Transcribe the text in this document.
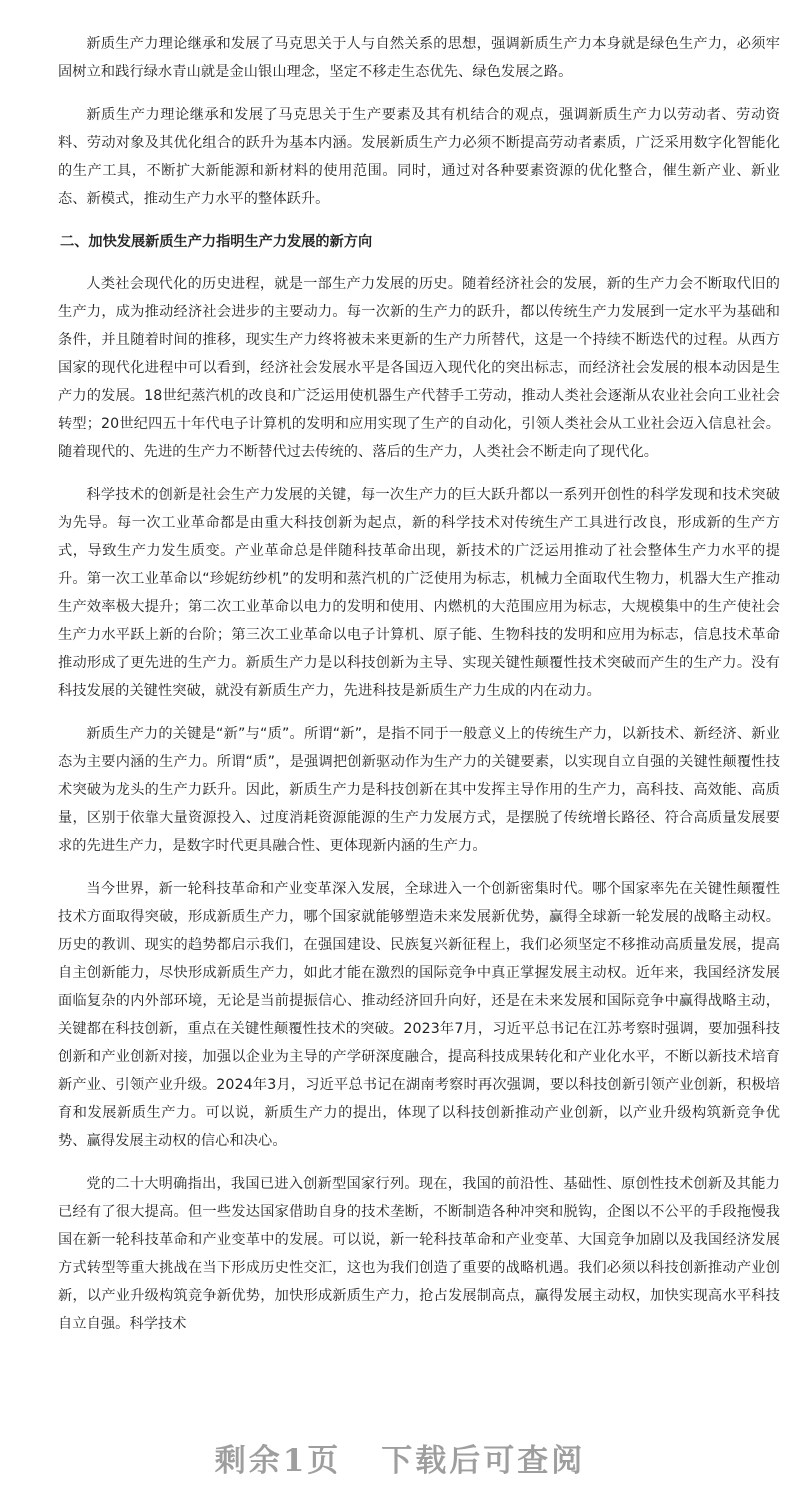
新质生产力理论继承和发展了马克思关于人与自然关系的思想，强调新质生产力本身就是绿色生产力，必须牢固树立和践行绿水青山就是金山银山理念，坚定不移走生态优先、绿色发展之路。

新质生产力理论继承和发展了马克思关于生产要素及其有机结合的观点，强调新质生产力以劳动者、劳动资料、劳动对象及其优化组合的跃升为基本内涵。发展新质生产力必须不断提高劳动者素质，广泛采用数字化智能化的生产工具，不断扩大新能源和新材料的使用范围。同时，通过对各种要素资源的优化整合，催生新产业、新业态、新模式，推动生产力水平的整体跃升。

二、加快发展新质生产力指明生产力发展的新方向

人类社会现代化的历史进程，就是一部生产力发展的历史。随着经济社会的发展，新的生产力会不断取代旧的生产力，成为推动经济社会进步的主要动力。每一次新的生产力的跃升，都以传统生产力发展到一定水平为基础和条件，并且随着时间的推移，现实生产力终将被未来更新的生产力所替代，这是一个持续不断迭代的过程。从西方国家的现代化进程中可以看到，经济社会发展水平是各国迈入现代化的突出标志，而经济社会发展的根本动因是生产力的发展。18世纪蒸汽机的改良和广泛运用使机器生产代替手工劳动，推动人类社会逐渐从农业社会向工业社会转型；20世纪四五十年代电子计算机的发明和应用实现了生产的自动化，引领人类社会从工业社会迈入信息社会。随着现代的、先进的生产力不断替代过去传统的、落后的生产力，人类社会不断走向了现代化。

科学技术的创新是社会生产力发展的关键，每一次生产力的巨大跃升都以一系列开创性的科学发现和技术突破为先导。每一次工业革命都是由重大科技创新为起点，新的科学技术对传统生产工具进行改良，形成新的生产方式，导致生产力发生质变。产业革命总是伴随科技革命出现，新技术的广泛运用推动了社会整体生产力水平的提升。第一次工业革命以“珍妮纺纱机”的发明和蒸汽机的广泛使用为标志，机械力全面取代生物力，机器大生产推动生产效率极大提升；第二次工业革命以电力的发明和使用、内燃机的大范围应用为标志，大规模集中的生产使社会生产力水平跃上新的台阶；第三次工业革命以电子计算机、原子能、生物科技的发明和应用为标志，信息技术革命推动形成了更先进的生产力。新质生产力是以科技创新为主导、实现关键性颠覆性技术突破而产生的生产力。没有科技发展的关键性突破，就没有新质生产力，先进科技是新质生产力生成的内在动力。

新质生产力的关键是“新”与“质”。所谓“新”，是指不同于一般意义上的传统生产力，以新技术、新经济、新业态为主要内涵的生产力。所谓“质”，是强调把创新驱动作为生产力的关键要素，以实现自立自强的关键性颠覆性技术突破为龙头的生产力跃升。因此，新质生产力是科技创新在其中发挥主导作用的生产力，高科技、高效能、高质量，区别于依靠大量资源投入、过度消耗资源能源的生产力发展方式，是摆脱了传统增长路径、符合高质量发展要求的先进生产力，是数字时代更具融合性、更体现新内涵的生产力。

当今世界，新一轮科技革命和产业变革深入发展，全球进入一个创新密集时代。哪个国家率先在关键性颠覆性技术方面取得突破，形成新质生产力，哪个国家就能够塑造未来发展新优势，赢得全球新一轮发展的战略主动权。历史的教训、现实的趋势都启示我们，在强国建设、民族复兴新征程上，我们必须坚定不移推动高质量发展，提高自主创新能力，尽快形成新质生产力，如此才能在激烈的国际竞争中真正掌握发展主动权。近年来，我国经济发展面临复杂的内外部环境，无论是当前提振信心、推动经济回升向好，还是在未来发展和国际竞争中赢得战略主动，关键都在科技创新，重点在关键性颠覆性技术的突破。2023年7月，习近平总书记在江苏考察时强调，要加强科技创新和产业创新对接，加强以企业为主导的产学研深度融合，提高科技成果转化和产业化水平，不断以新技术培育新产业、引领产业升级。2024年3月，习近平总书记在湖南考察时再次强调，要以科技创新引领产业创新，积极培育和发展新质生产力。可以说，新质生产力的提出，体现了以科技创新推动产业创新，以产业升级构筑新竞争优势、赢得发展主动权的信心和决心。

党的二十大明确指出，我国已进入创新型国家行列。现在，我国的前沿性、基础性、原创性技术创新及其能力已经有了很大提高。但一些发达国家借助自身的技术垄断，不断制造各种冲突和脱钩，企图以不公平的手段拖慢我国在新一轮科技革命和产业变革中的发展。可以说，新一轮科技革命和产业变革、大国竞争加剧以及我国经济发展方式转型等重大挑战在当下形成历史性交汇，这也为我们创造了重要的战略机遇。我们必须以科技创新推动产业创新，以产业升级构筑竞争新优势，加快形成新质生产力，抢占发展制高点，赢得发展主动权，加快实现高水平科技自立自强。科学技术

剩余1页 下载后可查阅
